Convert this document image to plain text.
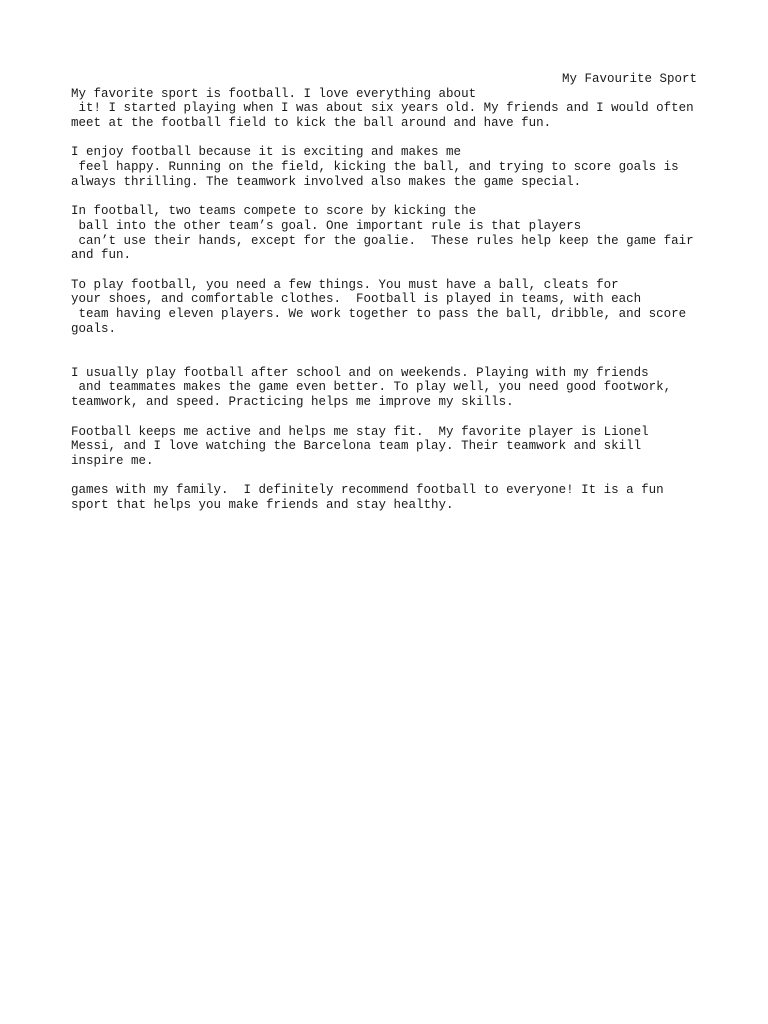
My Favourite Sport
My favorite sport is football. I love everything about
it! I started playing when I was about six years old. My friends and I would often
meet at the football field to kick the ball around and have fun.
I enjoy football because it is exciting and makes me
feel happy. Running on the field, kicking the ball, and trying to score goals is
always thrilling. The teamwork involved also makes the game special.
In football, two teams compete to score by kicking the
ball into the other team’s goal. One important rule is that players
can’t use their hands, except for the goalie.  These rules help keep the game fair
and fun.
To play football, you need a few things. You must have a ball, cleats for
your shoes, and comfortable clothes.  Football is played in teams, with each
team having eleven players. We work together to pass the ball, dribble, and score
goals.
I usually play football after school and on weekends. Playing with my friends
and teammates makes the game even better. To play well, you need good footwork,
teamwork, and speed. Practicing helps me improve my skills.
Football keeps me active and helps me stay fit.  My favorite player is Lionel
Messi, and I love watching the Barcelona team play. Their teamwork and skill
inspire me.
games with my family.  I definitely recommend football to everyone! It is a fun
sport that helps you make friends and stay healthy.
